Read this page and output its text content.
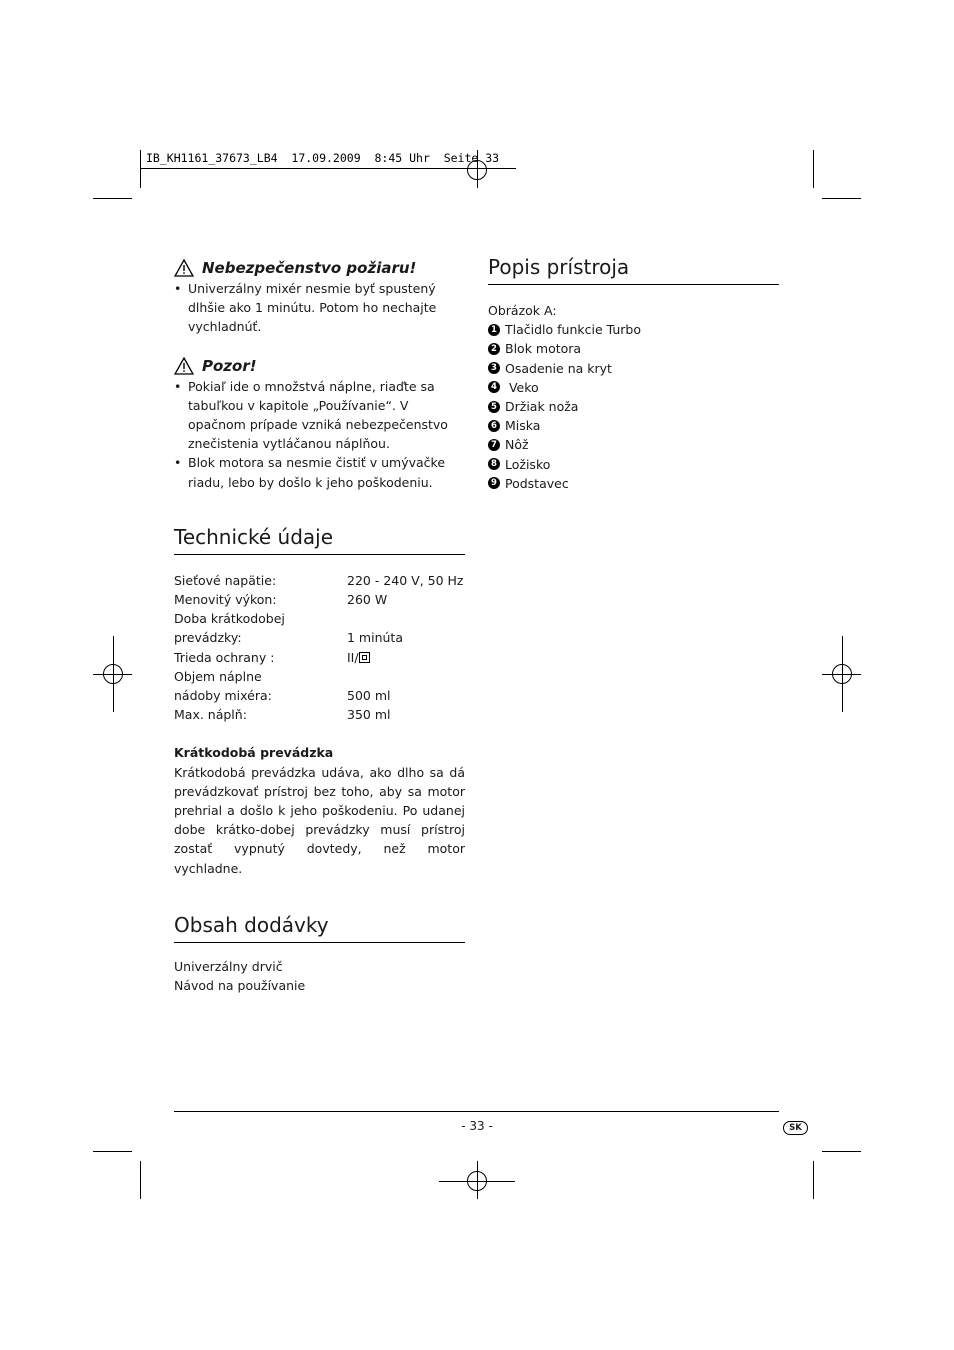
IB_KH1161_37673_LB4  17.09.2009  8:45 Uhr  Seite 33
Nebezpečenstvo požiaru!
• Univerzálny mixér nesmie byť spustený dlhšie ako 1 minútu. Potom ho nechajte vychladnúť.
Pozor!
• Pokiaľ ide o množstvá náplne, riaďte sa tabuľkou v kapitole „Používanie“. V opačnom prípade vzniká nebezpečenstvo znečistenia vytláčanou náplňou.
• Blok motora sa nesmie čistiť v umývačke riadu, lebo by došlo k jeho poškodeniu.
Technické údaje
Sieťové napätie:	220 - 240 V, 50 Hz
Menovitý výkon:	260 W
Doba krátkodobej
prevádzky:	1 minúta
Trieda ochrany :	II/
Objem náplne
nádoby mixéra:	500 ml
Max. náplň:	350 ml
Krátkodobá prevádzka
Krátkodobá prevádzka udáva, ako dlho sa dá prevádzkovať prístroj bez toho, aby sa motor prehrial a došlo k jeho poškodeniu. Po udanej dobe krátko-dobej prevádzky musí prístroj zostať vypnutý dovtedy, než motor vychladne.
Obsah dodávky
Univerzálny drvič
Návod na používanie
Popis prístroja
Obrázok A:
1 Tlačidlo funkcie Turbo
2 Blok motora
3 Osadenie na kryt
4 Veko
5 Držiak noža
6 Miska
7 Nôž
8 Ložisko
9 Podstavec
- 33 -	SK
